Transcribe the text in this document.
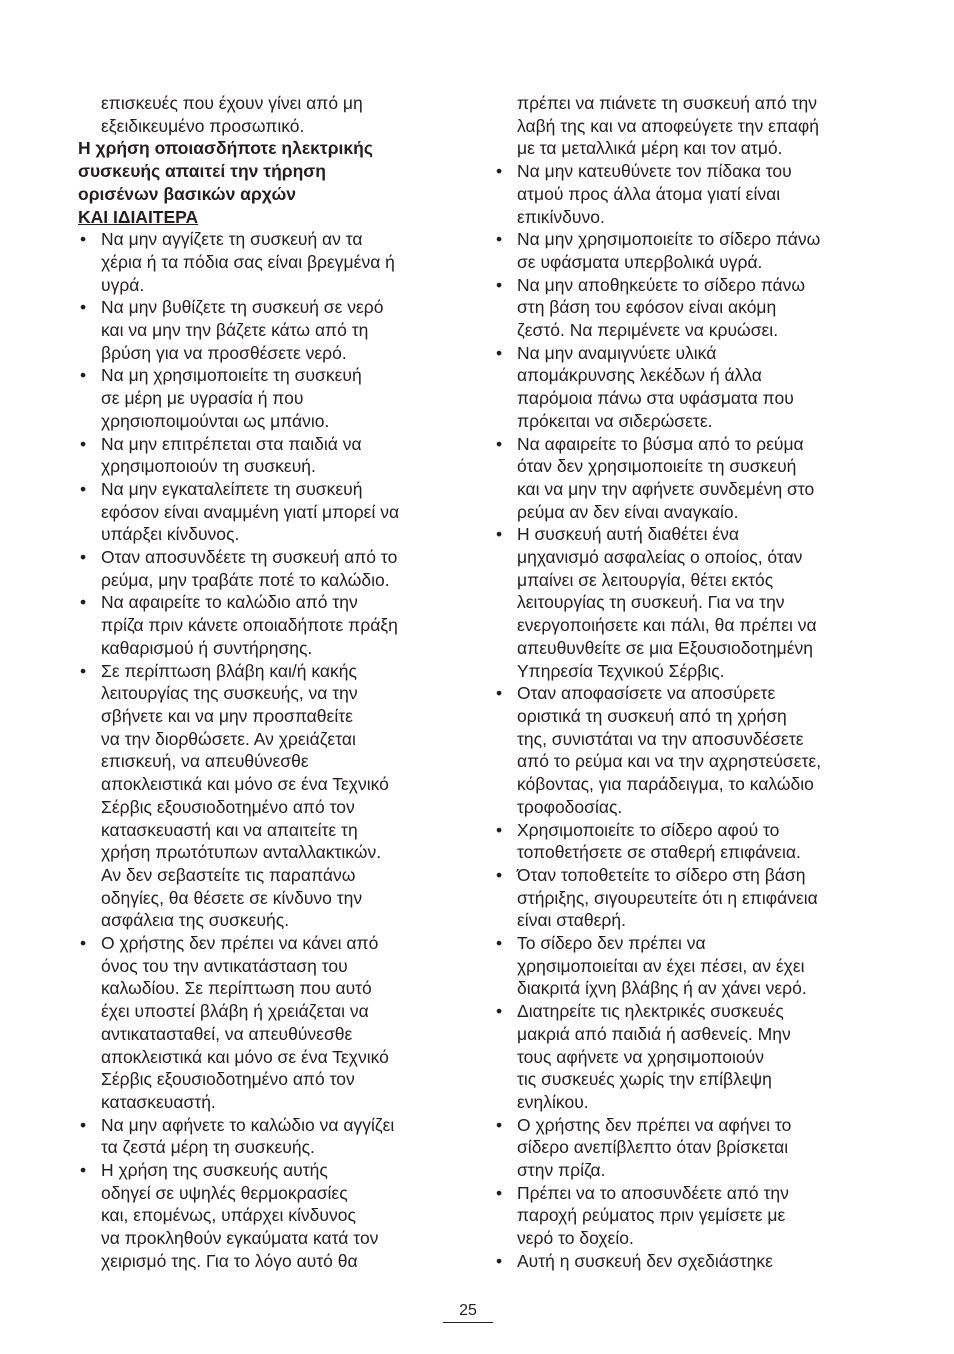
επισκευές που έχουν γίνει από μη
εξειδικευμένο προσωπικό.
Η χρήση οποιασδήποτε ηλεκτρικής
συσκευής απαιτεί την τήρηση
ορισένων βασικών αρχών
ΚΑΙ ΙΔΙΑΙΤΕΡΑ
• Να μην αγγίζετε τη συσκευή αν τα
χέρια ή τα πόδια σας είναι βρεγμένα ή
υγρά.
• Να μην βυθίζετε τη συσκευή σε νερό
και να μην την βάζετε κάτω από τη
βρύση για να προσθέσετε νερό.
• Να μη χρησιμοποιείτε τη συσκευή
σε μέρη με υγρασία ή που
χρησιοποιμούνται ως μπάνιο.
• Να μην επιτρέπεται στα παιδιά να
χρησιμοποιούν τη συσκευή.
• Να μην εγκαταλείπετε τη συσκευή
εφόσον είναι αναμμένη γιατί μπορεί να
υπάρξει κίνδυνος.
• Οταν αποσυνδέετε τη συσκευή από το
ρεύμα, μην τραβάτε ποτέ το καλώδιο.
• Να αφαιρείτε το καλώδιο από την
πρίζα πριν κάνετε οποιαδήποτε πράξη
καθαρισμού ή συντήρησης.
• Σε περίπτωση βλάβη και/ή κακής
λειτουργίας της συσκευής, να την
σβήνετε και να μην προσπαθείτε
να την διορθώσετε. Αν χρειάζεται
επισκευή, να απευθύνεσθε
αποκλειστικά και μόνο σε ένα Τεχνικό
Σέρβις εξουσιοδοτημένο από τον
κατασκευαστή και να απαιτείτε τη
χρήση πρωτότυπων ανταλλακτικών.
Αν δεν σεβαστείτε τις παραπάνω
οδηγίες, θα θέσετε σε κίνδυνο την
ασφάλεια της συσκευής.
• Ο χρήστης δεν πρέπει να κάνει από
όνος του την αντικατάσταση του
καλωδίου. Σε περίπτωση που αυτό
έχει υποστεί βλάβη ή χρειάζεται να
αντικατασταθεί, να απευθύνεσθε
αποκλειστικά και μόνο σε ένα Τεχνικό
Σέρβις εξουσιοδοτημένο από τον
κατασκευαστή.
• Να μην αφήνετε το καλώδιο να αγγίζει
τα ζεστά μέρη τη συσκευής.
• Η χρήση της συσκευής αυτής
οδηγεί σε υψηλές θερμοκρασίες
και, επομένως, υπάρχει κίνδυνος
να προκληθούν εγκαύματα κατά τον
χειρισμό της. Για το λόγο αυτό θα
πρέπει να πιάνετε τη συσκευή από την
λαβή της και να αποφεύγετε την επαφή
με τα μεταλλικά μέρη και τον ατμό.
• Να μην κατευθύνετε τον πίδακα του
ατμού προς άλλα άτομα γιατί είναι
επικίνδυνο.
• Να μην χρησιμοποιείτε το σίδερο πάνω
σε υφάσματα υπερβολικά υγρά.
• Να μην αποθηκεύετε το σίδερο πάνω
στη βάση του εφόσον είναι ακόμη
ζεστό. Να περιμένετε να κρυώσει.
• Να μην αναμιγνύετε υλικά
απομάκρυνσης λεκέδων ή άλλα
παρόμοια πάνω στα υφάσματα που
πρόκειται να σιδερώσετε.
• Να αφαιρείτε το βύσμα από το ρεύμα
όταν δεν χρησιμοποιείτε τη συσκευή
και να μην την αφήνετε συνδεμένη στο
ρεύμα αν δεν είναι αναγκαίο.
• Η συσκευή αυτή διαθέτει ένα
μηχανισμό ασφαλείας ο οποίος, όταν
μπαίνει σε λειτουργία, θέτει εκτός
λειτουργίας τη συσκευή. Για να την
ενεργοποιήσετε και πάλι, θα πρέπει να
απευθυνθείτε σε μια Εξουσιοδοτημένη
Υπηρεσία Τεχνικού Σέρβις.
• Οταν αποφασίσετε να αποσύρετε
οριστικά τη συσκευή από τη χρήση
της, συνιστάται να την αποσυνδέσετε
από το ρεύμα και να την αχρηστεύσετε,
κόβοντας, για παράδειγμα, το καλώδιο
τροφοδοσίας.
• Χρησιμοποιείτε το σίδερο αφού το
τοποθετήσετε σε σταθερή επιφάνεια.
• Όταν τοποθετείτε το σίδερο στη βάση
στήριξης, σιγουρευτείτε ότι η επιφάνεια
είναι σταθερή.
• Το σίδερο δεν πρέπει να
χρησιμοποιείται αν έχει πέσει, αν έχει
διακριτά ίχνη βλάβης ή αν χάνει νερό.
• Διατηρείτε τις ηλεκτρικές συσκευές
μακριά από παιδιά ή ασθενείς. Μην
τους αφήνετε να χρησιμοποιούν
τις συσκευές χωρίς την επίβλεψη
ενηλίκου.
• Ο χρήστης δεν πρέπει να αφήνει το
σίδερο ανεπίβλεπτο όταν βρίσκεται
στην πρίζα.
• Πρέπει να το αποσυνδέετε από την
παροχή ρεύματος πριν γεμίσετε με
νερό το δοχείο.
• Αυτή η συσκευή δεν σχεδιάστηκε
25
